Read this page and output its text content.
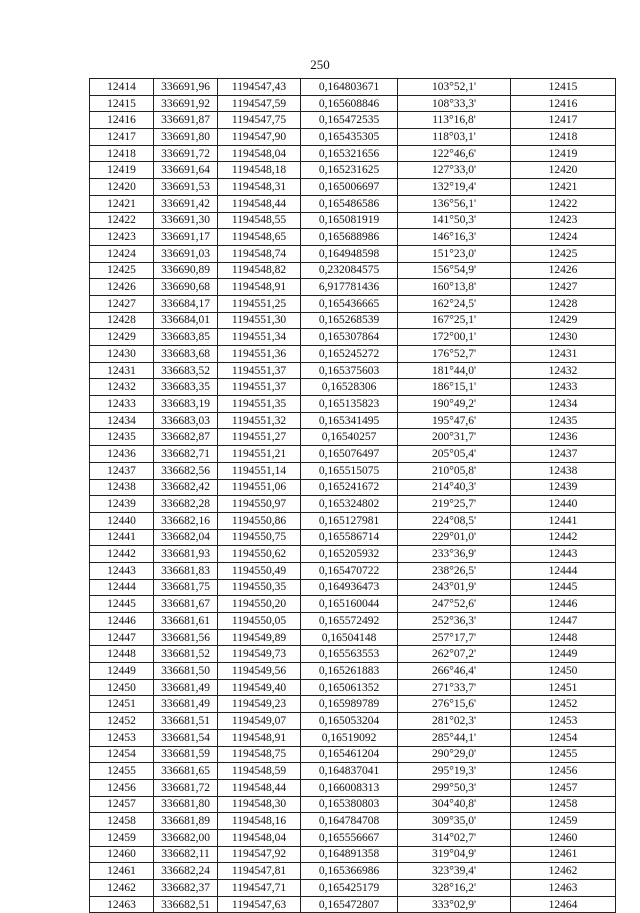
250
12414	336691,96	1194547,43	0,164803671	103°52,1'	12415
12415	336691,92	1194547,59	0,165608846	108°33,3'	12416
12416	336691,87	1194547,75	0,165472535	113°16,8'	12417
12417	336691,80	1194547,90	0,165435305	118°03,1'	12418
12418	336691,72	1194548,04	0,165321656	122°46,6'	12419
12419	336691,64	1194548,18	0,165231625	127°33,0'	12420
12420	336691,53	1194548,31	0,165006697	132°19,4'	12421
12421	336691,42	1194548,44	0,165486586	136°56,1'	12422
12422	336691,30	1194548,55	0,165081919	141°50,3'	12423
12423	336691,17	1194548,65	0,165688986	146°16,3'	12424
12424	336691,03	1194548,74	0,164948598	151°23,0'	12425
12425	336690,89	1194548,82	0,232084575	156°54,9'	12426
12426	336690,68	1194548,91	6,917781436	160°13,8'	12427
12427	336684,17	1194551,25	0,165436665	162°24,5'	12428
12428	336684,01	1194551,30	0,165268539	167°25,1'	12429
12429	336683,85	1194551,34	0,165307864	172°00,1'	12430
12430	336683,68	1194551,36	0,165245272	176°52,7'	12431
12431	336683,52	1194551,37	0,165375603	181°44,0'	12432
12432	336683,35	1194551,37	0,16528306	186°15,1'	12433
12433	336683,19	1194551,35	0,165135823	190°49,2'	12434
12434	336683,03	1194551,32	0,165341495	195°47,6'	12435
12435	336682,87	1194551,27	0,16540257	200°31,7'	12436
12436	336682,71	1194551,21	0,165076497	205°05,4'	12437
12437	336682,56	1194551,14	0,165515075	210°05,8'	12438
12438	336682,42	1194551,06	0,165241672	214°40,3'	12439
12439	336682,28	1194550,97	0,165324802	219°25,7'	12440
12440	336682,16	1194550,86	0,165127981	224°08,5'	12441
12441	336682,04	1194550,75	0,165586714	229°01,0'	12442
12442	336681,93	1194550,62	0,165205932	233°36,9'	12443
12443	336681,83	1194550,49	0,165470722	238°26,5'	12444
12444	336681,75	1194550,35	0,164936473	243°01,9'	12445
12445	336681,67	1194550,20	0,165160044	247°52,6'	12446
12446	336681,61	1194550,05	0,165572492	252°36,3'	12447
12447	336681,56	1194549,89	0,16504148	257°17,7'	12448
12448	336681,52	1194549,73	0,165563553	262°07,2'	12449
12449	336681,50	1194549,56	0,165261883	266°46,4'	12450
12450	336681,49	1194549,40	0,165061352	271°33,7'	12451
12451	336681,49	1194549,23	0,165989789	276°15,6'	12452
12452	336681,51	1194549,07	0,165053204	281°02,3'	12453
12453	336681,54	1194548,91	0,16519092	285°44,1'	12454
12454	336681,59	1194548,75	0,165461204	290°29,0'	12455
12455	336681,65	1194548,59	0,164837041	295°19,3'	12456
12456	336681,72	1194548,44	0,166008313	299°50,3'	12457
12457	336681,80	1194548,30	0,165380803	304°40,8'	12458
12458	336681,89	1194548,16	0,164784708	309°35,0'	12459
12459	336682,00	1194548,04	0,165556667	314°02,7'	12460
12460	336682,11	1194547,92	0,164891358	319°04,9'	12461
12461	336682,24	1194547,81	0,165366986	323°39,4'	12462
12462	336682,37	1194547,71	0,165425179	328°16,2'	12463
12463	336682,51	1194547,63	0,165472807	333°02,9'	12464
